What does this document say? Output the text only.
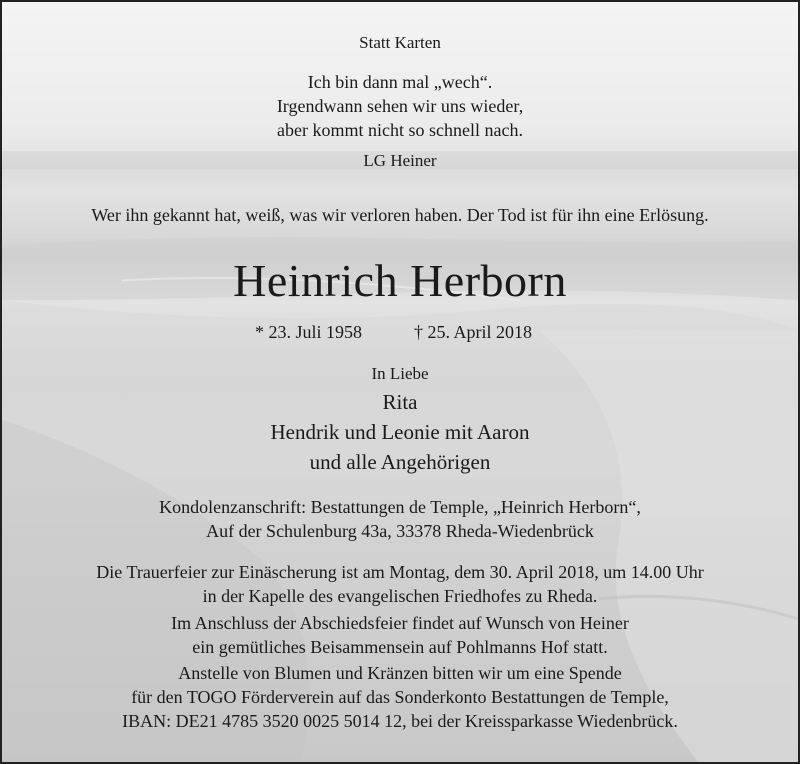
Statt Karten
Ich bin dann mal „wech“.
Irgendwann sehen wir uns wieder,
aber kommt nicht so schnell nach.
LG Heiner
Wer ihn gekannt hat, weiß, was wir verloren haben. Der Tod ist für ihn eine Erlösung.
Heinrich Herborn
* 23. Juli 1958	† 25. April 2018
In Liebe
Rita
Hendrik und Leonie mit Aaron
und alle Angehörigen
Kondolenzanschrift: Bestattungen de Temple, „Heinrich Herborn“,
Auf der Schulenburg 43a, 33378 Rheda-Wiedenbrück
Die Trauerfeier zur Einäscherung ist am Montag, dem 30. April 2018, um 14.00 Uhr
in der Kapelle des evangelischen Friedhofes zu Rheda.
Im Anschluss der Abschiedsfeier findet auf Wunsch von Heiner
ein gemütliches Beisammensein auf Pohlmanns Hof statt.
Anstelle von Blumen und Kränzen bitten wir um eine Spende
für den TOGO Förderverein auf das Sonderkonto Bestattungen de Temple,
IBAN: DE21 4785 3520 0025 5014 12, bei der Kreissparkasse Wiedenbrück.
